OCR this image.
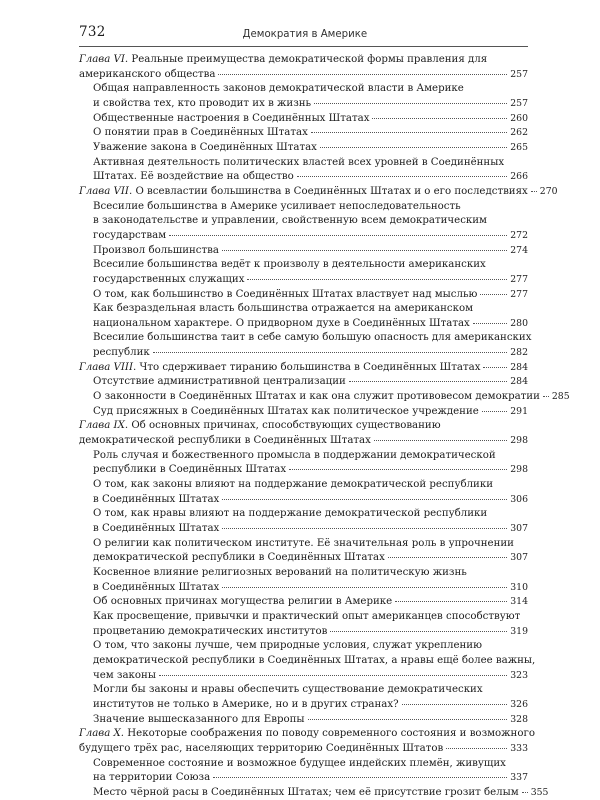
732	Демократия в Америке
Глава VI.
Реальные преимущества демократической формы правления для
американского общества	257
Общая направленность законов демократической власти в Америке
и свойства тех, кто проводит их в жизнь	257
Общественные настроения в Соединённых Штатах	260
О понятии прав в Соединённых Штатах	262
Уважение закона в Соединённых Штатах	265
Активная деятельность политических властей всех уровней в Соединённых
Штатах. Её воздействие на общество	266
Глава VII.
О всевластии большинства в Соединённых Штатах и о его последствиях 270
Всесилие большинства в Америке усиливает непоследовательность
в законодательстве и управлении, свойственную всем демократическим
государствам	272
Произвол большинства	274
Всесилие большинства ведёт к произволу в деятельности американских
государственных служащих	277
О том, как большинство в Соединённых Штатах властвует над мыслью	277
Как безраздельная власть большинства отражается на американском
национальном характере. О придворном духе в Соединённых Штатах	280
Всесилие большинства таит в себе самую большую опасность для американских
республик	282
Глава VIII.
Что сдерживает тиранию большинства в Соединённых Штатах	284
Отсутствие административной централизации	284
О законности в Соединённых Штатах и как она служит противовесом демократии 285
Суд присяжных в Соединённых Штатах как политическое учреждение	291
Глава IX.
Об основных причинах, способствующих существованию
демократической республики в Соединённых Штатах	298
Роль случая и божественного промысла в поддержании демократической
республики в Соединённых Штатах	298
О том, как законы влияют на поддержание демократической республики
в Соединённых Штатах	306
О том, как нравы влияют на поддержание демократической республики
в Соединённых Штатах	307
О религии как политическом институте. Её значительная роль в упрочнении
демократической республики в Соединённых Штатах	307
Косвенное влияние религиозных верований на политическую жизнь
в Соединённых Штатах	310
Об основных причинах могущества религии в Америке	314
Как просвещение, привычки и практический опыт американцев способствуют
процветанию демократических институтов	319
О том, что законы лучше, чем природные условия, служат укреплению
демократической республики в Соединённых Штатах, а нравы ещё более важны,
чем законы	323
Могли бы законы и нравы обеспечить существование демократических
институтов не только в Америке, но и в других странах?	326
Значение вышесказанного для Европы	328
Глава X.
Некоторые соображения по поводу современного состояния и возможного
будущего трёх рас, населяющих территорию Соединённых Штатов	333
Современное состояние и возможное будущее индейских племён, живущих
на территории Союза	337
Место чёрной расы в Соединённых Штатах; чем её присутствие грозит белым 355
